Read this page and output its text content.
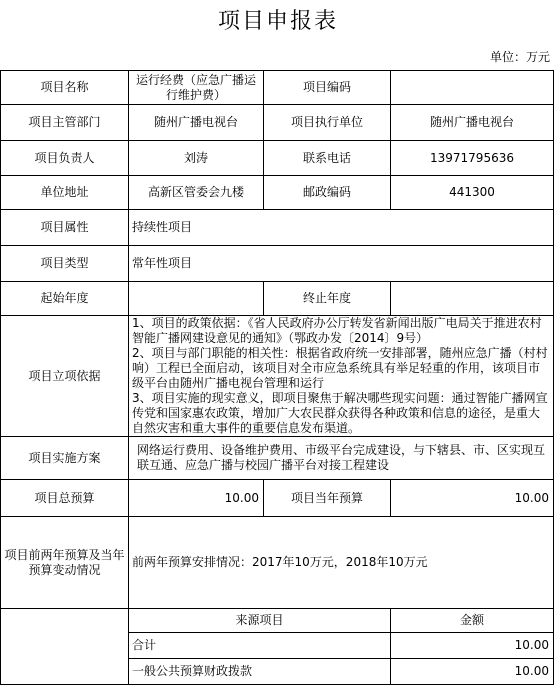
项目申报表
单位：万元
项目名称	运行经费（应急广播运行维护费）	项目编码	
项目主管部门	随州广播电视台	项目执行单位	随州广播电视台
项目负责人	刘涛	联系电话	13971795636
单位地址	高新区管委会九楼	邮政编码	441300
项目属性	持续性项目		
项目类型	常年性项目		
起始年度		终止年度	
项目立项依据	1、项目的政策依据：《省人民政府办公厅转发省新闻出版广电局关于推进农村智能广播网建设意见的通知》（鄂政办发〔2014〕9号）
2、项目与部门职能的相关性：根据省政府统一安排部署，随州应急广播（村村响）工程已全面启动，该项目对全市应急系统具有举足轻重的作用，该项目市级平台由随州广播电视台管理和运行
3、项目实施的现实意义，即项目聚焦于解决哪些现实问题：通过智能广播网宣传党和国家惠农政策，增加广大农民群众获得各种政策和信息的途径，是重大自然灾害和重大事件的重要信息发布渠道。		

项目实施方案	网络运行费用、设备维护费用、市级平台完成建设，与下辖县、市、区实现互联互通、应急广播与校园广播平台对接工程建设		
项目总预算	10.00	项目当年预算	10.00
项目前两年预算及当年预算变动情况	前两年预算安排情况：2017年10万元，2018年10万元		
	来源项目		金额
	合计		10.00
	一般公共预算财政拨款		10.00
